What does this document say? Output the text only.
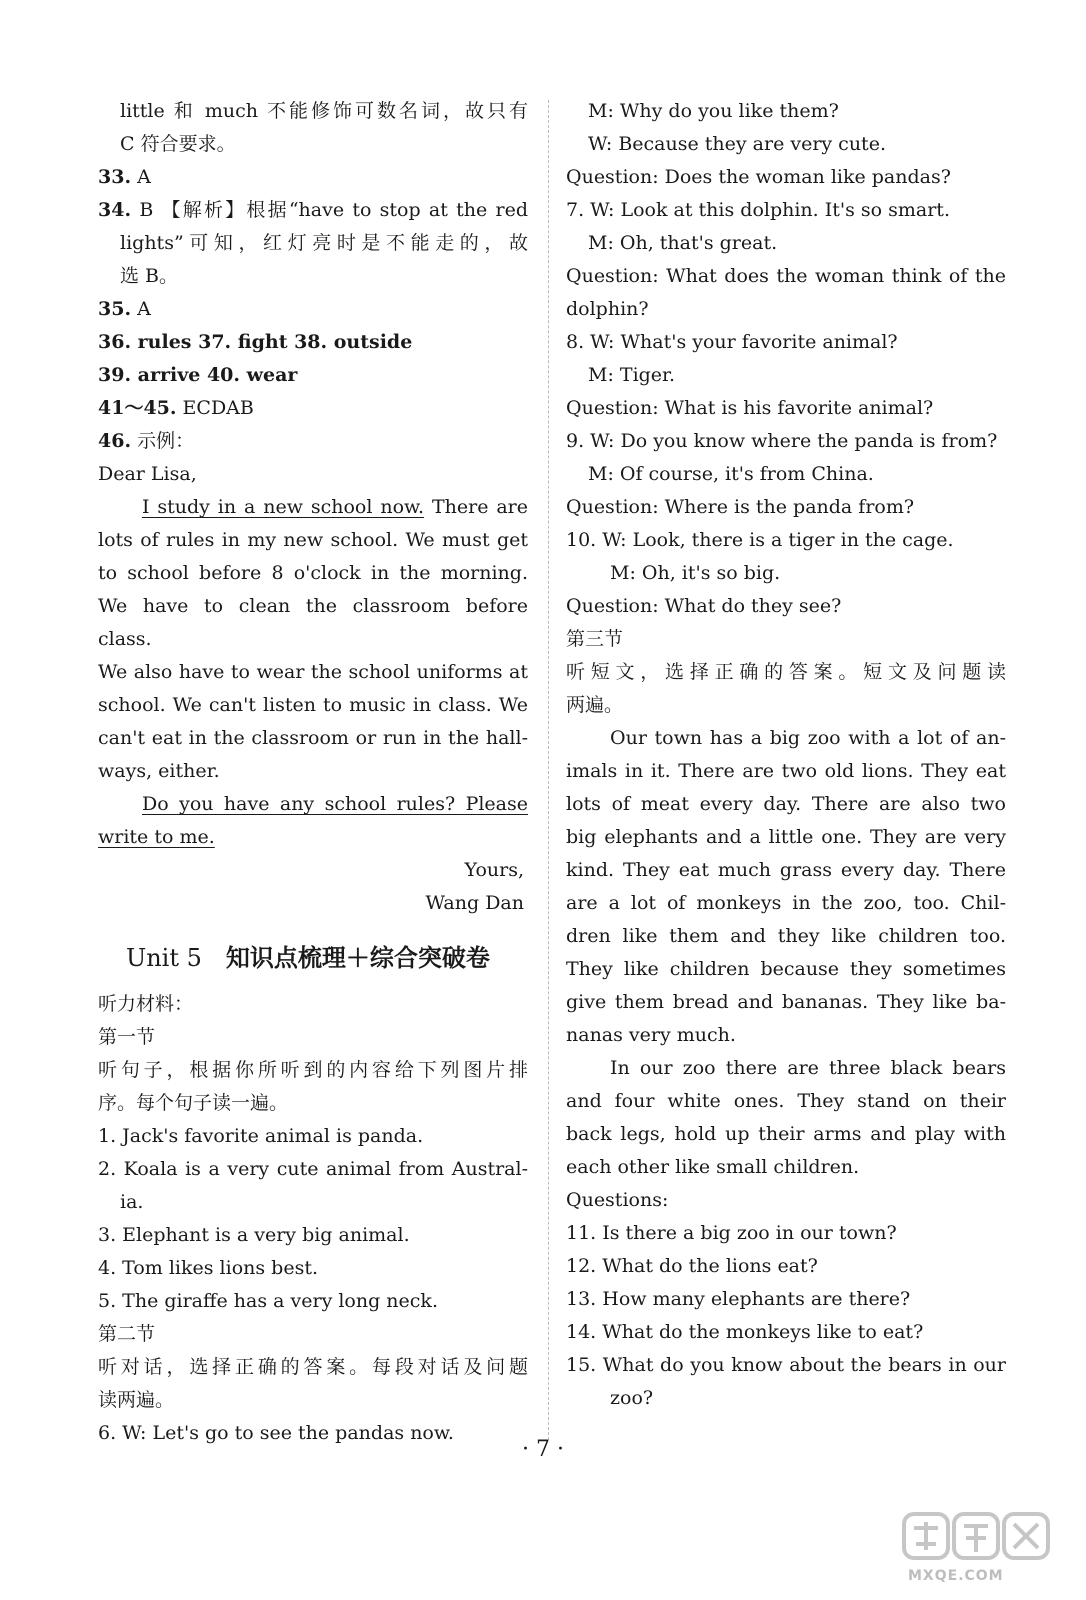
little 和 much 不能修饰可数名词，故只有
C 符合要求。
33. A
34. B 【解析】根据“have to stop at the red
lights”可知，红灯亮时是不能走的，故
选 B。
35. A
36. rules 37. fight 38. outside
39. arrive 40. wear
41～45. ECDAB
46. 示例：
Dear Lisa,
I study in a new school now. There are
lots of rules in my new school. We must get
to school before 8 o'clock in the morning.
We have to clean the classroom before class.
We also have to wear the school uniforms at
school. We can't listen to music in class. We
can't eat in the classroom or run in the hall-
ways, either.
Do you have any school rules? Please
write to me.
Yours,
Wang Dan
Unit 5 知识点梳理＋综合突破卷
听力材料：
第一节
听句子，根据你所听到的内容给下列图片排
序。每个句子读一遍。
1. Jack's favorite animal is panda.
2. Koala is a very cute animal from Austral-
ia.
3. Elephant is a very big animal.
4. Tom likes lions best.
5. The giraffe has a very long neck.
第二节
听对话，选择正确的答案。每段对话及问题
读两遍。
6. W: Let's go to see the pandas now.
M: Why do you like them?
W: Because they are very cute.
Question: Does the woman like pandas?
7. W: Look at this dolphin. It's so smart.
M: Oh, that's great.
Question: What does the woman think of the
dolphin?
8. W: What's your favorite animal?
M: Tiger.
Question: What is his favorite animal?
9. W: Do you know where the panda is from?
M: Of course, it's from China.
Question: Where is the panda from?
10. W: Look, there is a tiger in the cage.
M: Oh, it's so big.
Question: What do they see?
第三节
听短文，选择正确的答案。短文及问题读
两遍。
Our town has a big zoo with a lot of an-
imals in it. There are two old lions. They eat
lots of meat every day. There are also two
big elephants and a little one. They are very
kind. They eat much grass every day. There
are a lot of monkeys in the zoo, too. Chil-
dren like them and they like children too.
They like children because they sometimes
give them bread and bananas. They like ba-
nanas very much.
In our zoo there are three black bears
and four white ones. They stand on their
back legs, hold up their arms and play with
each other like small children.
Questions:
11. Is there a big zoo in our town?
12. What do the lions eat?
13. How many elephants are there?
14. What do the monkeys like to eat?
15. What do you know about the bears in our
zoo?
· 7 ·
MXQE.COM
